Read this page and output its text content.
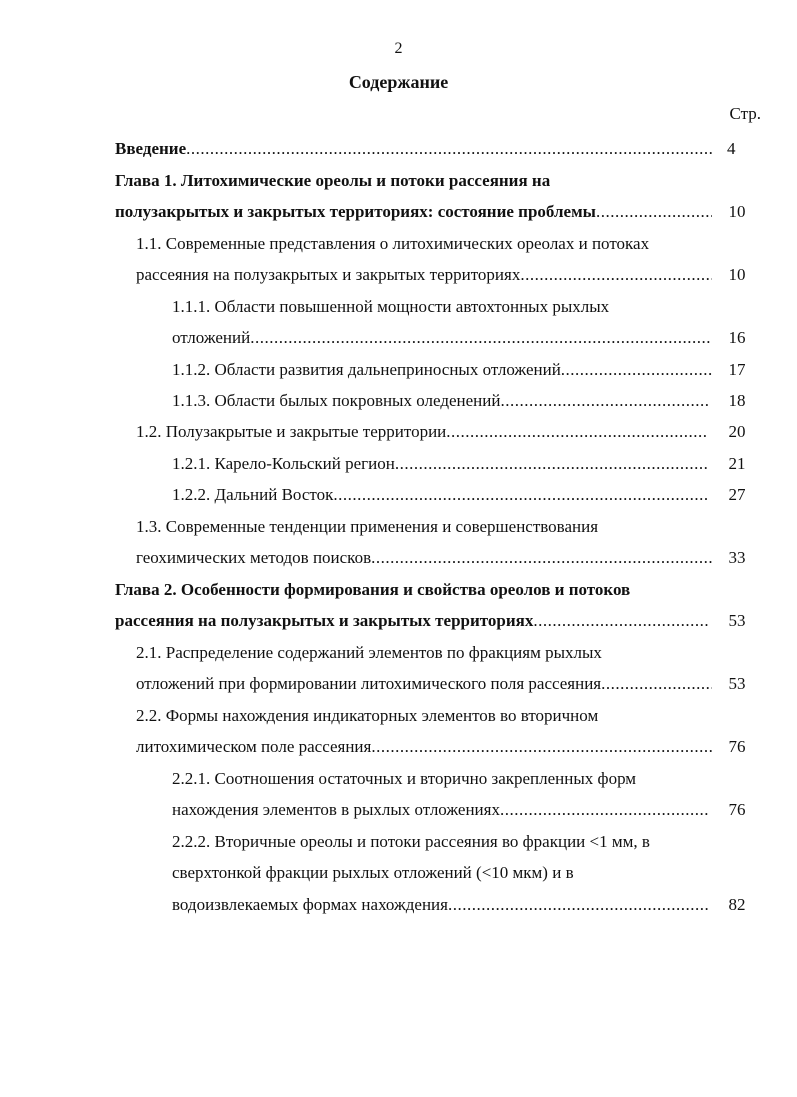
2
Содержание
Стр.
Введение .....	4
Глава 1. Литохимические ореолы и потоки рассеяния на
полузакрытых и закрытых территориях: состояние проблемы .....	10
1.1. Современные представления о литохимических ореолах и потоках
рассеяния на полузакрытых и закрытых территориях .....	10
1.1.1. Области повышенной мощности автохтонных рыхлых
отложений .....	16
1.1.2. Области развития дальнеприносных отложений .....	17
1.1.3. Области былых покровных оледенений .....	18
1.2. Полузакрытые и закрытые территории .....	20
1.2.1. Карело-Кольский регион .....	21
1.2.2. Дальний Восток .....	27
1.3. Современные тенденции применения и совершенствования
геохимических методов поисков .....	33
Глава 2. Особенности формирования и свойства ореолов и потоков
рассеяния на полузакрытых и закрытых территориях .....	53
2.1. Распределение содержаний элементов по фракциям рыхлых
отложений при формировании литохимического поля рассеяния .....	53
2.2. Формы нахождения индикаторных элементов во вторичном
литохимическом поле рассеяния .....	76
2.2.1. Соотношения остаточных и вторично закрепленных форм
нахождения элементов в рыхлых отложениях .....	76
2.2.2. Вторичные ореолы и потоки рассеяния во фракции <1 мм, в
сверхтонкой фракции рыхлых отложений (<10 мкм) и в
водоизвлекаемых формах нахождения .....	82
